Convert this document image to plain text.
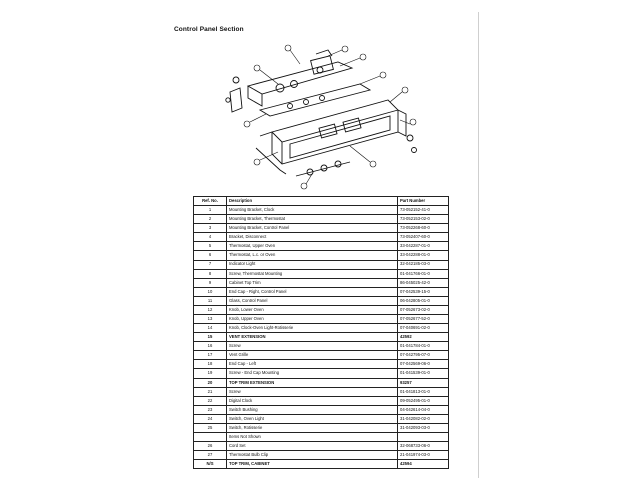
Control Panel Section
Ref. No.	Description	Part Number
1	Mounting Bracket, Clock	73-052152-41-0
2	Mounting Bracket, Thermostat	73-052153-02-0
3	Mounting Bracket, Control Panel	73-052268-60-0
4	Bracket, Disconnect	73-052407-60-0
5	Thermostat, Upper Oven	33-042287-01-0
6	Thermostat, L.c. or Oven	33-042288-01-0
7	Indicator Light	32-042185-03-0
8	Screw, Thermostat Mounting	01-041766-01-0
9	Cabinet Top Trim	86-045025-42-0
10	End Cap - Right, Control Panel	07-042539-15-0
11	Glass, Control Panel	06-042805-01-0
12	Knob, Lower Oven	07-052673-02-0
13	Knob, Upper Oven	07-052677-52-0
14	Knob, Clock-Oven Light-Rotisserie	07-040691-02-0
15	VENT EXTENSION	42592
16	Screw	01-041784-01-0
17	Vent Grille	07-042795-07-0
18	End Cap - Left	07-042569-06-0
19	Screw - End Cap Mounting	01-041539-01-0
20	TOP TRIM EXTENSION	93257
21	Screw	01-041813-01-0
22	Digital Clock	09-052495-01-0
23	Switch Bushing	04-042614-04-0
24	Switch, Oven Light	31-042082-02-0
25	Switch, Rotisserie	31-042093-03-0
	Items Not Shown	
26	Cord Set	32-068733-06-0
27	Thermostat Bulb Clip	21-041974-03-0
N/S	TOP TRIM, CABINET	42594
